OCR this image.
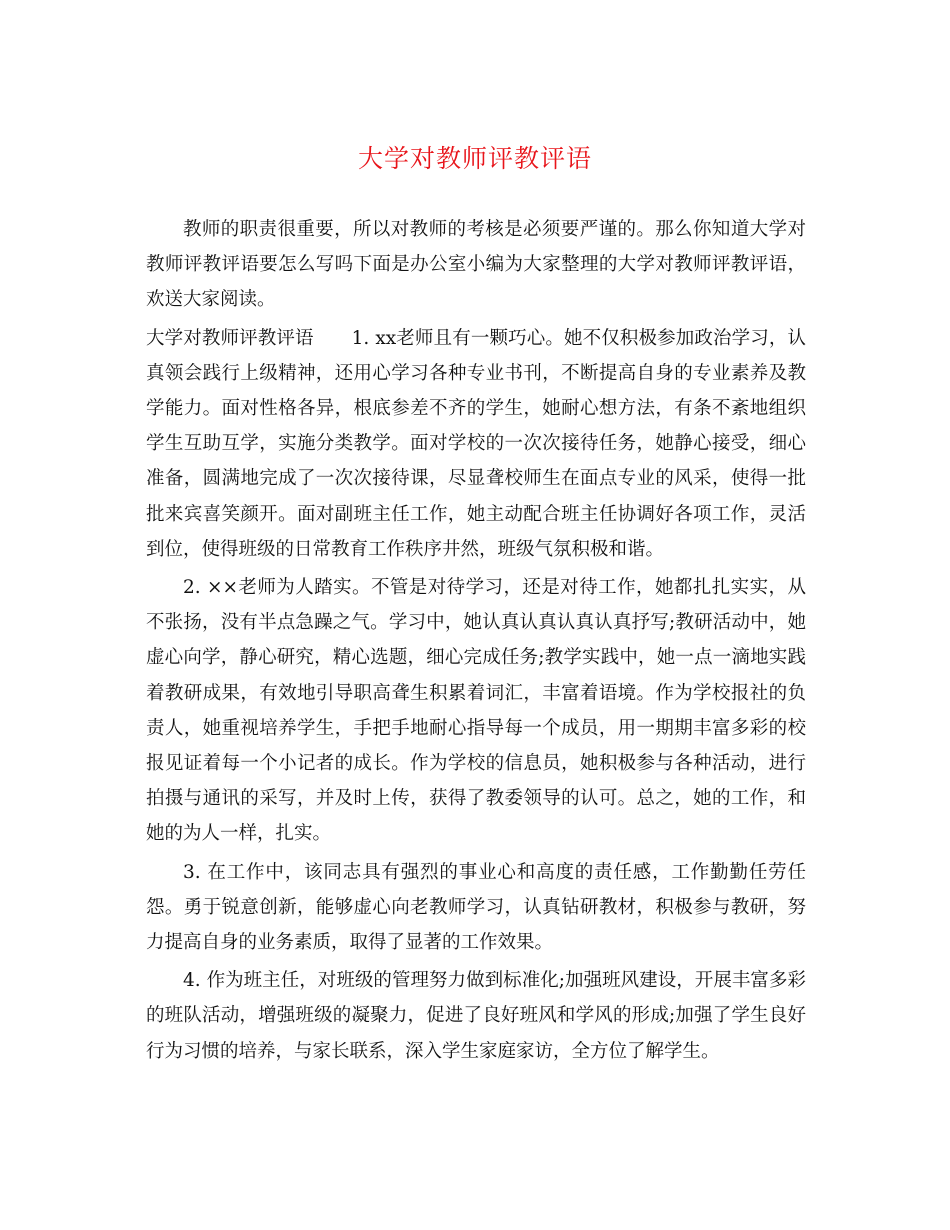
大学对教师评教评语

教师的职责很重要，所以对教师的考核是必须要严谨的。那么你知道大学对教师评教评语要怎么写吗下面是办公室小编为大家整理的大学对教师评教评语，欢送大家阅读。

大学对教师评教评语 1. xx老师且有一颗巧心。她不仅积极参加政治学习，认真领会践行上级精神，还用心学习各种专业书刊，不断提高自身的专业素养及教学能力。面对性格各异，根底参差不齐的学生，她耐心想方法，有条不紊地组织学生互助互学，实施分类教学。面对学校的一次次接待任务，她静心接受，细心准备，圆满地完成了一次次接待课，尽显聋校师生在面点专业的风采，使得一批批来宾喜笑颜开。面对副班主任工作，她主动配合班主任协调好各项工作，灵活到位，使得班级的日常教育工作秩序井然，班级气氛积极和谐。

2. ××老师为人踏实。不管是对待学习，还是对待工作，她都扎扎实实，从不张扬，没有半点急躁之气。学习中，她认真认真认真认真抒写;教研活动中，她虚心向学，静心研究，精心选题，细心完成任务;教学实践中，她一点一滴地实践着教研成果，有效地引导职高聋生积累着词汇，丰富着语境。作为学校报社的负责人，她重视培养学生，手把手地耐心指导每一个成员，用一期期丰富多彩的校报见证着每一个小记者的成长。作为学校的信息员，她积极参与各种活动，进行拍摄与通讯的采写，并及时上传，获得了教委领导的认可。总之，她的工作，和她的为人一样，扎实。

3. 在工作中，该同志具有强烈的事业心和高度的责任感，工作勤勤任劳任怨。勇于锐意创新，能够虚心向老教师学习，认真钻研教材，积极参与教研，努力提高自身的业务素质，取得了显著的工作效果。

4. 作为班主任，对班级的管理努力做到标准化;加强班风建设，开展丰富多彩的班队活动，增强班级的凝聚力，促进了良好班风和学风的形成;加强了学生良好行为习惯的培养，与家长联系，深入学生家庭家访，全方位了解学生。
